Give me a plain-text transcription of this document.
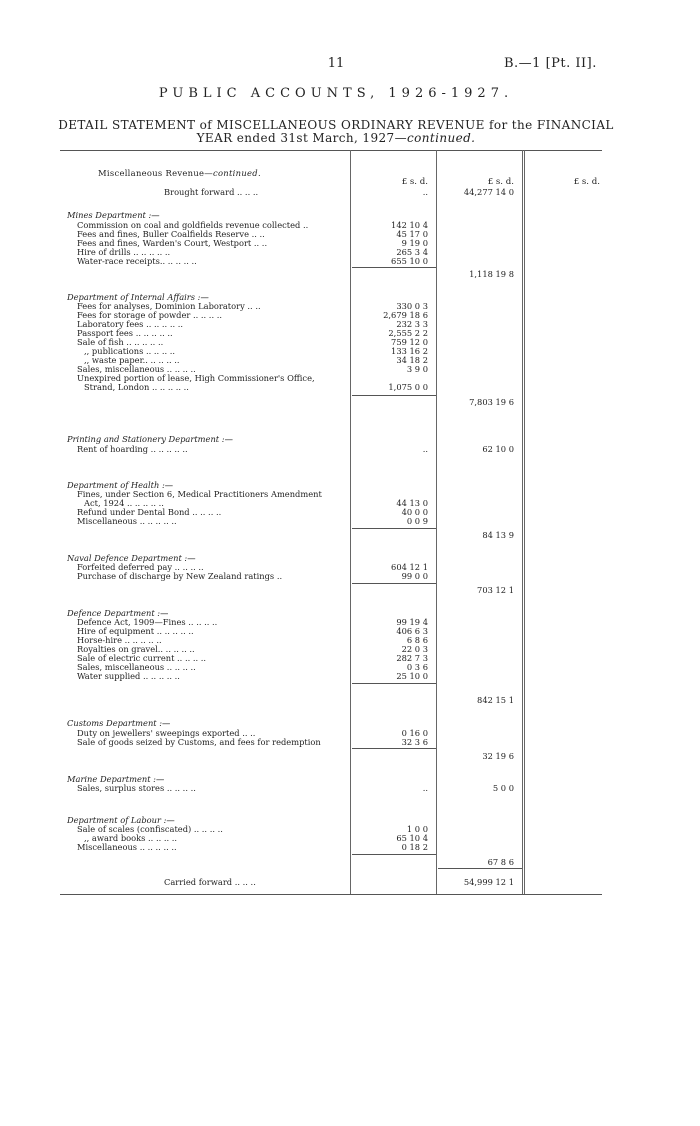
11	B.—1 [Pt. II].
PUBLIC ACCOUNTS, 1926-1927.
DETAIL STATEMENT of MISCELLANEOUS ORDINARY REVENUE for the FINANCIAL
YEAR ended 31st March, 1927—continued.
Miscellaneous Revenue—continued.
£ s. d.	£ s. d.	£ s. d.
Brought forward .. .. ..	..	44,277 14 0
Mines Department :—
Commission on coal and goldfields revenue collected ..	142 10 4
Fees and fines, Buller Coalfields Reserve .. ..	45 17 0
Fees and fines, Warden's Court, Westport .. ..	9 19 0
Hire of drills .. .. .. .. ..	265 3 4
Water-race receipts.. .. .. .. ..	655 10 0
1,118 19 8
Department of Internal Affairs :—
Fees for analyses, Dominion Laboratory .. ..	330 0 3
Fees for storage of powder .. .. .. ..	2,679 18 6
Laboratory fees .. .. .. .. ..	232 3 3
Passport fees .. .. .. .. ..	2,555 2 2
Sale of fish .. .. .. .. ..	759 12 0
,, publications .. .. .. ..	133 16 2
,, waste paper.. .. .. .. ..	34 18 2
Sales, miscellaneous .. .. .. ..	3 9 0
Unexpired portion of lease, High Commissioner's Office,
Strand, London .. .. .. .. ..	1,075 0 0
7,803 19 6
Printing and Stationery Department :—
Rent of hoarding .. .. .. .. ..	..	62 10 0
Department of Health :—
Fines, under Section 6, Medical Practitioners Amendment
Act, 1924 .. .. .. .. ..	44 13 0
Refund under Dental Bond .. .. .. ..	40 0 0
Miscellaneous .. .. .. .. ..	0 0 9
84 13 9
Naval Defence Department :—
Forfeited deferred pay .. .. .. ..	604 12 1
Purchase of discharge by New Zealand ratings ..	99 0 0
703 12 1
Defence Department :—
Defence Act, 1909—Fines .. .. .. ..	99 19 4
Hire of equipment .. .. .. .. ..	406 6 3
Horse-hire .. .. .. .. ..	6 8 6
Royalties on gravel.. .. .. .. ..	22 0 3
Sale of electric current .. .. .. ..	282 7 3
Sales, miscellaneous .. .. .. ..	0 3 6
Water supplied .. .. .. .. ..	25 10 0
842 15 1
Customs Department :—
Duty on jewellers' sweepings exported .. ..	0 16 0
Sale of goods seized by Customs, and fees for redemption	32 3 6
32 19 6
Marine Department :—
Sales, surplus stores .. .. .. ..	..	5 0 0
Department of Labour :—
Sale of scales (confiscated) .. .. .. ..	1 0 0
,, award books .. .. .. ..	65 10 4
Miscellaneous .. .. .. .. ..	0 18 2
67 8 6
Carried forward .. .. ..	54,999 12 1
